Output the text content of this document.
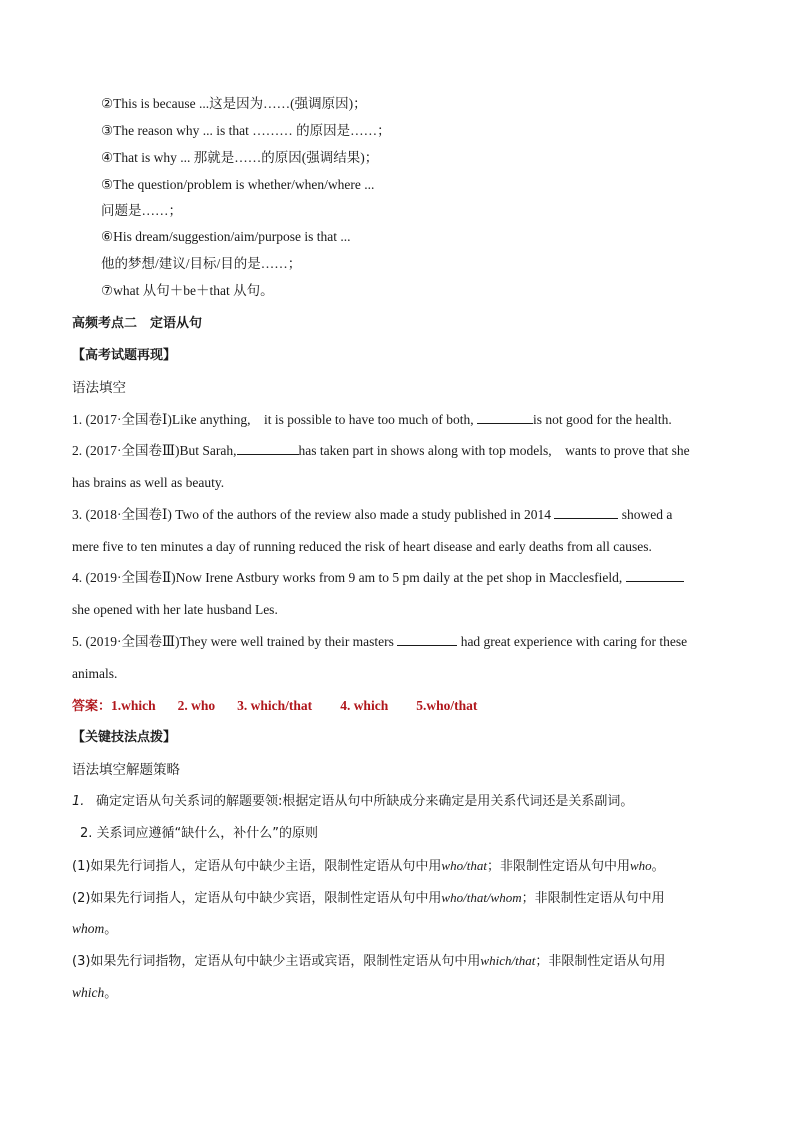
②This is because ...这是因为……(强调原因)；
③The reason why ... is that ……… 的原因是……；
④That is why ... 那就是……的原因(强调结果)；
⑤The question/problem is whether/when/where ...
问题是……；
⑥His dream/suggestion/aim/purpose is that ...
他的梦想/建议/目标/目的是……；
⑦what 从句＋be＋that 从句。
高频考点二　定语从句
【高考试题再现】
语法填空
1. (2017·全国卷Ⅰ)Like anything,　it is possible to have too much of both,	is not good for the health.
2. (2017·全国卷Ⅲ)But Sarah,	has taken part in shows along with top models,　wants to prove that she
has brains as well as beauty.
3. (2018·全国卷Ⅰ) Two of the authors of the review also made a study published in 2014	showed a
mere five to ten minutes a day of running reduced the risk of heart disease and early deaths from all causes.
4. (2019·全国卷Ⅱ)Now Irene Astbury works from 9 am to 5 pm daily at the pet shop in Macclesfield,
she opened with her late husband Les.
5. (2019·全国卷Ⅲ)They were well trained by their masters	had great experience with caring for these
animals.
答案：1.which 2. who 3. which/that 4. which 5.who/that
【关键技法点拨】
语法填空解题策略
1. 确定定语从句关系词的解题要领:根据定语从句中所缺成分来确定是用关系代词还是关系副词。
2. 关系词应遵循“缺什么，补什么”的原则
(1)如果先行词指人，定语从句中缺少主语，限制性定语从句中用who/that；非限制性定语从句中用who。
(2)如果先行词指人，定语从句中缺少宾语，限制性定语从句中用who/that/whom；非限制性定语从句中用
whom。
(3)如果先行词指物，定语从句中缺少主语或宾语，限制性定语从句中用which/that；非限制性定语从句用
which。
